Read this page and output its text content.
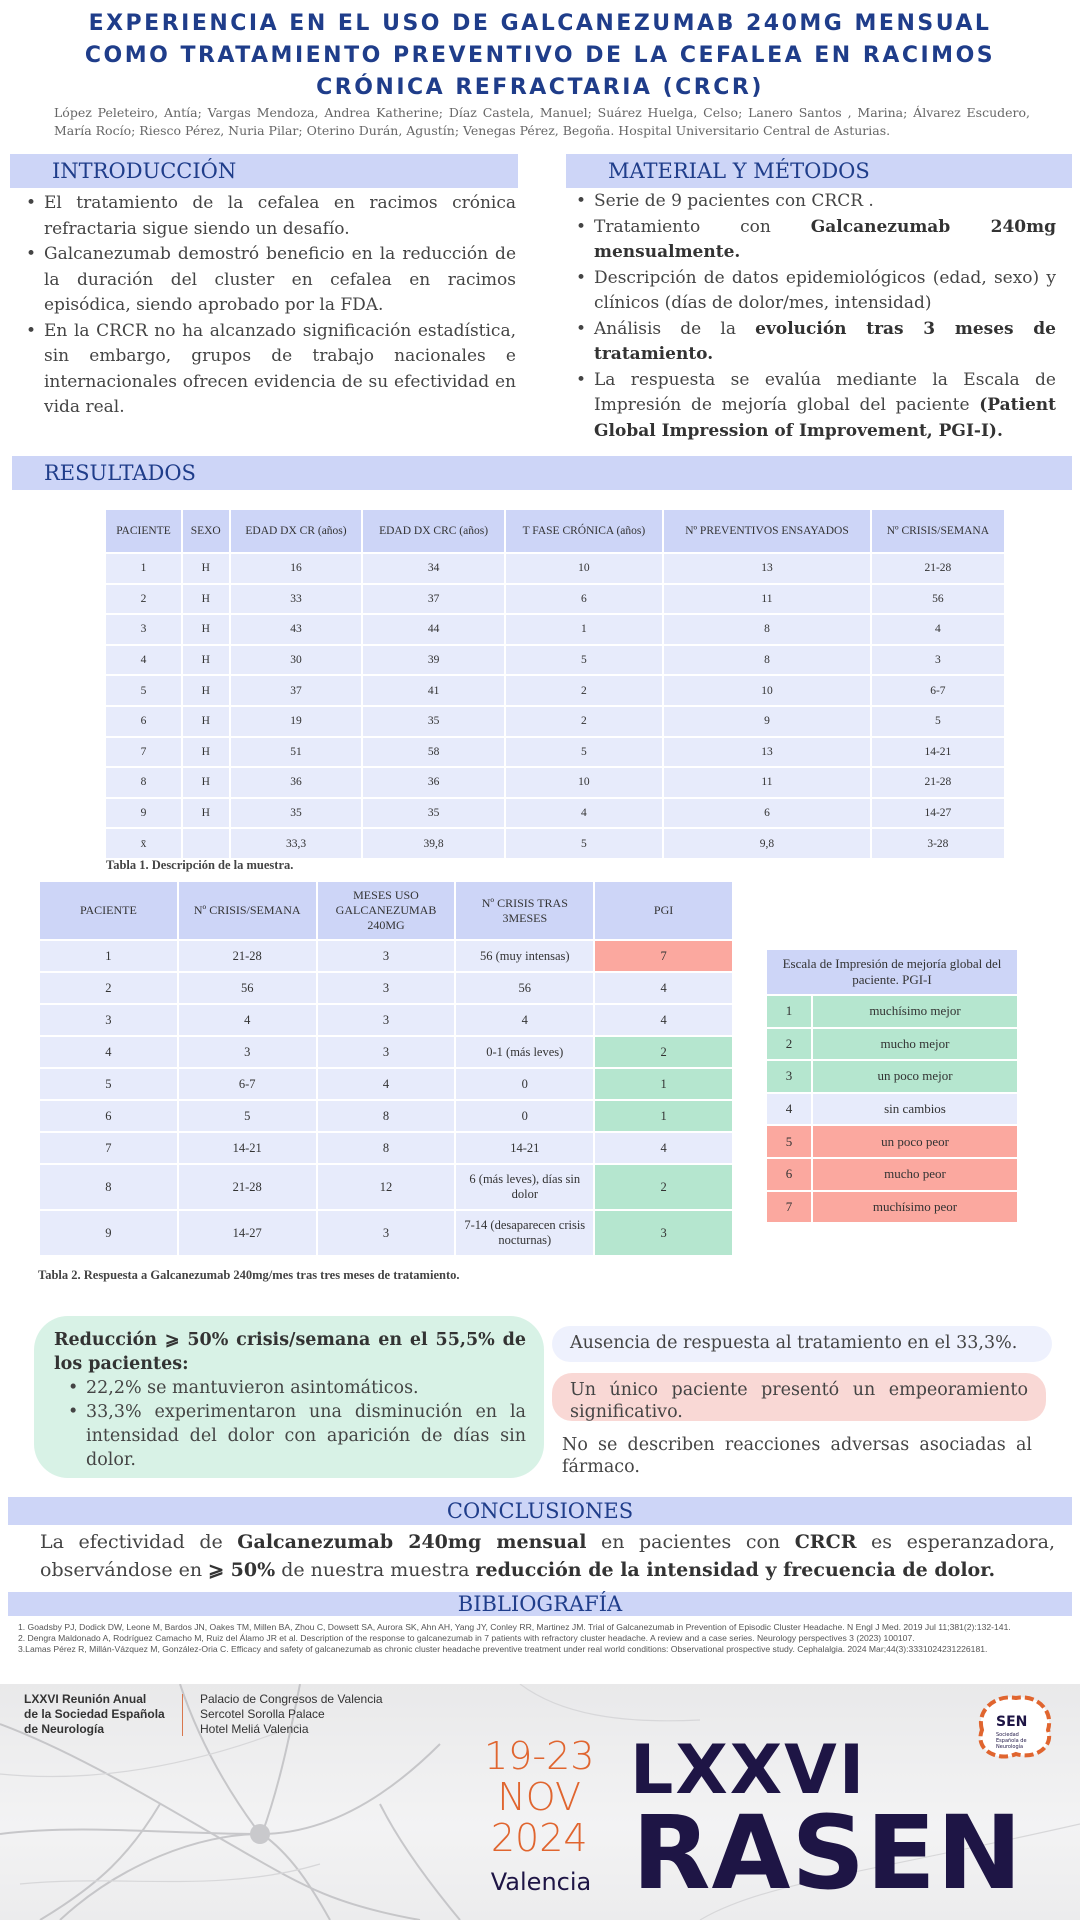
EXPERIENCIA EN EL USO DE GALCANEZUMAB 240MG MENSUAL
COMO TRATAMIENTO PREVENTIVO DE LA CEFALEA EN RACIMOS
CRÓNICA REFRACTARIA (CRCR)
López Peleteiro, Antía; Vargas Mendoza, Andrea Katherine; Díaz Castela, Manuel; Suárez Huelga, Celso; Lanero Santos , Marina; Álvarez Escudero, María Rocío; Riesco Pérez, Nuria Pilar; Oterino Durán, Agustín; Venegas Pérez, Begoña. Hospital Universitario Central de Asturias.
INTRODUCCIÓN
• El tratamiento de la cefalea en racimos crónica refractaria sigue siendo un desafío.
• Galcanezumab demostró beneficio en la reducción de la duración del cluster en cefalea en racimos episódica, siendo aprobado por la FDA.
• En la CRCR no ha alcanzado significación estadística, sin embargo, grupos de trabajo nacionales e internacionales ofrecen evidencia de su efectividad en vida real.
MATERIAL Y MÉTODOS
• Serie de 9 pacientes con CRCR .
• Tratamiento con Galcanezumab 240mg mensualmente.
• Descripción de datos epidemiológicos (edad, sexo) y clínicos (días de dolor/mes, intensidad)
• Análisis de la evolución tras 3 meses de tratamiento.
• La respuesta se evalúa mediante la Escala de Impresión de mejoría global del paciente (Patient Global Impression of Improvement, PGI-I).
RESULTADOS
PACIENTE	SEXO	EDAD DX CR (años)	EDAD DX CRC (años)	T FASE CRÓNICA (años)	Nº PREVENTIVOS ENSAYADOS	Nº CRISIS/SEMANA
1	H	16	34	10	13	21-28
2	H	33	37	6	11	56
3	H	43	44	1	8	4
4	H	30	39	5	8	3
5	H	37	41	2	10	6-7
6	H	19	35	2	9	5
7	H	51	58	5	13	14-21
8	H	36	36	10	11	21-28
9	H	35	35	4	6	14-27
x̄		33,3	39,8	5	9,8	3-28
Tabla 1. Descripción de la muestra.
PACIENTE	Nº CRISIS/SEMANA	MESES USO GALCANEZUMAB 240MG	Nº CRISIS TRAS 3MESES	PGI
1	21-28	3	56 (muy intensas)	7
2	56	3	56	4
3	4	3	4	4
4	3	3	0-1 (más leves)	2
5	6-7	4	0	1
6	5	8	0	1
7	14-21	8	14-21	4
8	21-28	12	6 (más leves), días sin dolor	2
9	14-27	3	7-14 (desaparecen crisis nocturnas)	3
Tabla 2. Respuesta a Galcanezumab 240mg/mes tras tres meses de tratamiento.
Escala de Impresión de mejoría global del paciente. PGI-I	
1	muchísimo mejor
2	mucho mejor
3	un poco mejor
4	sin cambios
5	un poco peor
6	mucho peor
7	muchísimo peor

Reducción ⩾ 50% crisis/semana en el 55,5% de los pacientes:

• 22,2% se mantuvieron asintomáticos.
• 33,3% experimentaron una disminución en la intensidad del dolor con aparición de días sin dolor.
Ausencia de respuesta al tratamiento en el 33,3%.
Un único paciente presentó un empeoramiento significativo.
No se describen reacciones adversas asociadas al fármaco.
CONCLUSIONES
La efectividad de Galcanezumab 240mg mensual en pacientes con CRCR es esperanzadora, observándose en ⩾ 50% de nuestra muestra reducción de la intensidad y frecuencia de dolor.
BIBLIOGRAFÍA
1. Goadsby PJ, Dodick DW, Leone M, Bardos JN, Oakes TM, Millen BA, Zhou C, Dowsett SA, Aurora SK, Ahn AH, Yang JY, Conley RR, Martinez JM. Trial of Galcanezumab in Prevention of Episodic Cluster Headache. N Engl J Med. 2019 Jul 11;381(2):132-141.
2. Dengra Maldonado A, Rodríguez Camacho M, Ruiz del Álamo JR et al. Description of the response to galcanezumab in 7 patients with refractory cluster headache. A review and a case series. Neurology perspectives 3 (2023) 100107.
3.Lamas Pérez R, Millán-Vázquez M, González-Oria C. Efficacy and safety of galcanezumab as chronic cluster headache preventive treatment under real world conditions: Observational prospective study. Cephalalgia. 2024 Mar;44(3):3331024231226181.
LXXVI Reunión Anual
de la Sociedad Española
de Neurología
Palacio de Congresos de Valencia
Sercotel Sorolla Palace
Hotel Meliá Valencia
19-23
NOV
2024
Valencia
LXXVI
RASEN
SEN
Sociedad Española de Neurología
